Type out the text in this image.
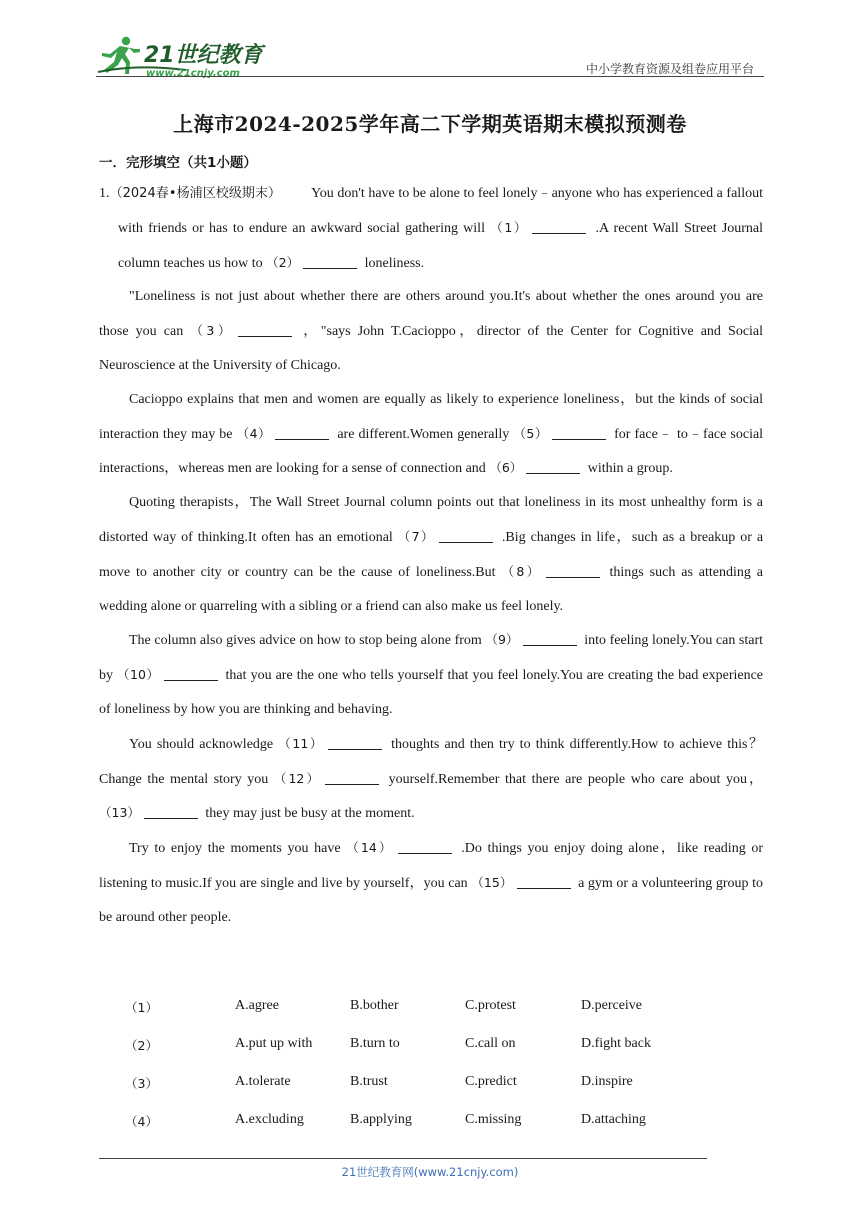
21世纪教育
www.21cnjy.com	中小学教育资源及组卷应用平台
上海市2024-2025学年高二下学期英语期末模拟预测卷
一．完形填空（共1小题）

1.（2024春•杨浦区校级期末） You don't have to be alone to feel lonely﹣anyone who has experienced a fallout with friends or has to endure an awkward social gathering will （1）	.A recent Wall Street Journal column teaches us how to （2）	loneliness.

"Loneliness is not just about whether there are others around you.It's about whether the ones around you are those you can （3）	，"says John T.Cacioppo，director of the Center for Cognitive and Social Neuroscience at the University of Chicago.

Cacioppo explains that men and women are equally as likely to experience loneliness，but the kinds of social interaction they may be （4）	are different.Women generally （5）	for face﹣ to﹣face social interactions，whereas men are looking for a sense of connection and （6）	within a group.

Quoting therapists，The Wall Street Journal column points out that loneliness in its most unhealthy form is a distorted way of thinking.It often has an emotional （7）	.Big changes in life，such as a breakup or a move to another city or country can be the cause of loneliness.But （8）	things such as attending a wedding alone or quarreling with a sibling or a friend can also make us feel lonely.

The column also gives advice on how to stop being alone from （9）	into feeling lonely.You can start by （10）	that you are the one who tells yourself that you feel lonely.You are creating the bad experience of loneliness by how you are thinking and behaving.

You should acknowledge （11）	thoughts and then try to think differently.How to achieve this？Change the mental story you （12）	yourself.Remember that there are people who care about you， （13）	they may just be busy at the moment.

Try to enjoy the moments you have （14）	.Do things you enjoy doing alone，like reading or listening to music.If you are single and live by yourself，you can （15）	a gym or a volunteering group to be around other people.

（1）	A.agree	B.bother	C.protest	D.perceive
（2）	A.put up with	B.turn to	C.call on	D.fight back
（3）	A.tolerate	B.trust	C.predict	D.inspire
（4）	A.excluding	B.applying	C.missing	D.attaching
21世纪教育网(www.21cnjy.com)
